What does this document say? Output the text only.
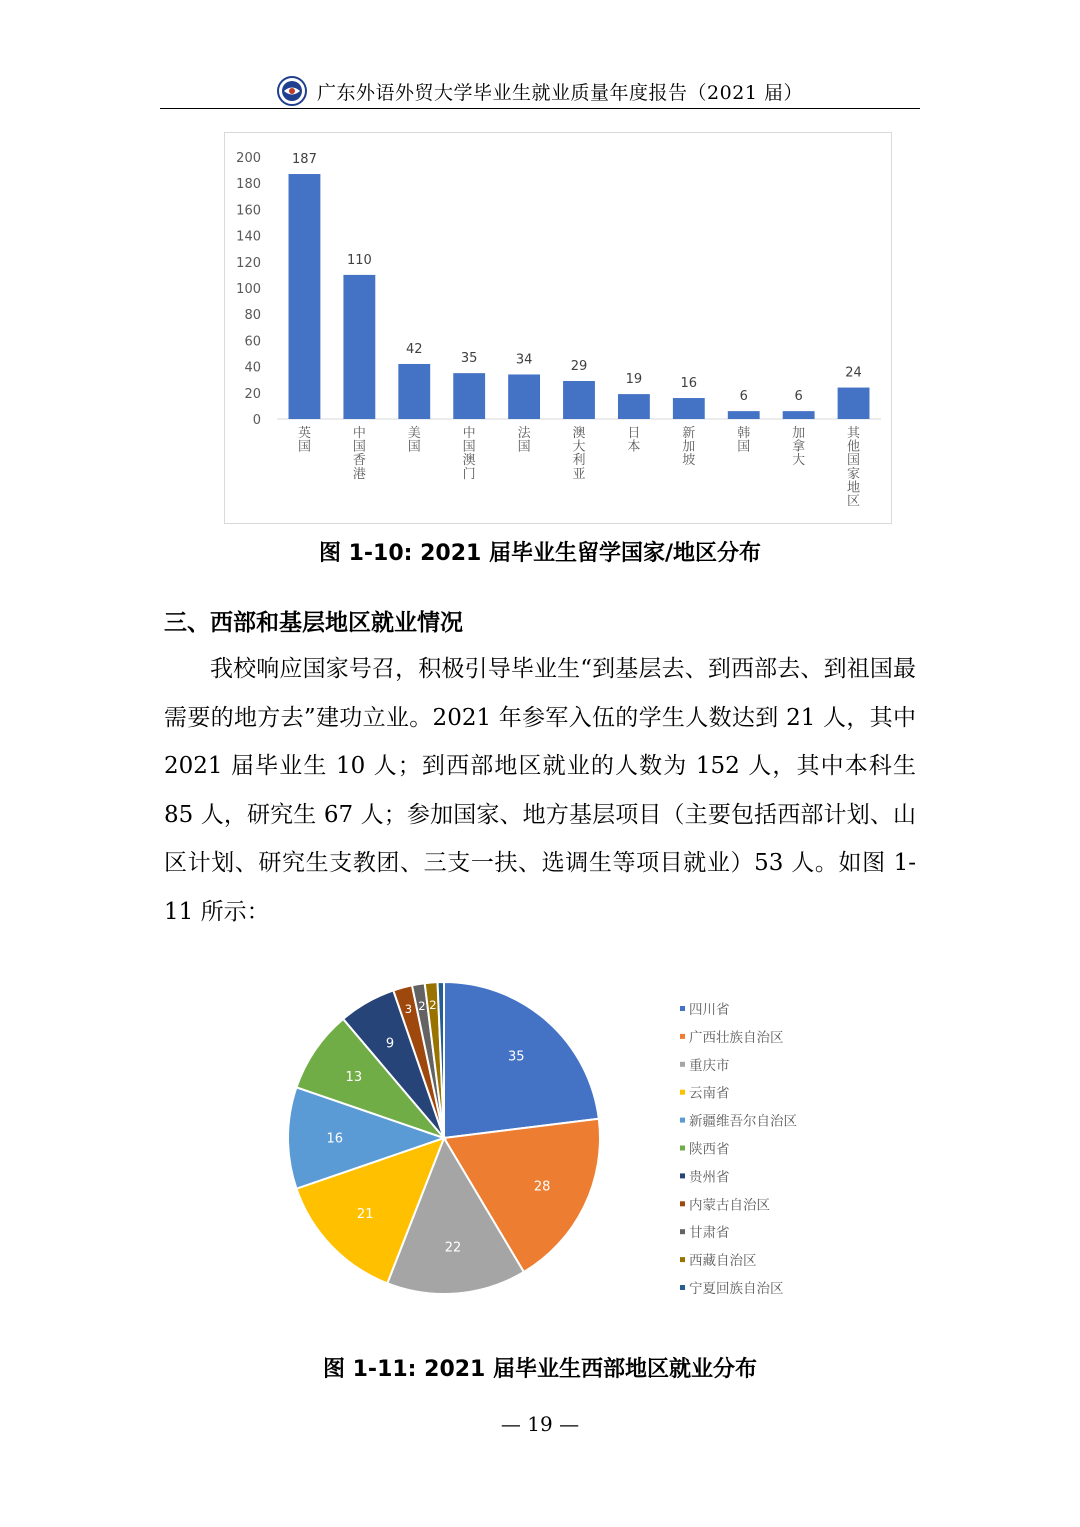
广东外语外贸大学毕业生就业质量年度报告（2021 届）
0
20
40
60
80
100
120
140
160
180
200 187
英国
110
中国香港
42
美国
35
中国澳门
34
法国
29
澳大利亚
19
日本
16
新加坡
6
韩国
6
加拿大
24
其他国家地区
图 1-10: 2021 届毕业生留学国家/地区分布
三、西部和基层地区就业情况
我校响应国家号召，积极引导毕业生“到基层去、到西部去、到祖国最需要的地方去”建功立业。2021 年参军入伍的学生人数达到 21 人，其中 2021 届毕业生 10 人；到西部地区就业的人数为 152 人，其中本科生 85 人，研究生 67 人；参加国家、地方基层项目（主要包括西部计划、山区计划、研究生支教团、三支一扶、选调生等项目就业）53 人。如图 1-11 所示：
35
28
22
21
16
13
9
3 2 2	四川省
广西壮族自治区
重庆市
云南省
新疆维吾尔自治区
陕西省
贵州省
内蒙古自治区
甘肃省
西藏自治区
宁夏回族自治区
图 1-11: 2021 届毕业生西部地区就业分布
— 19 —
